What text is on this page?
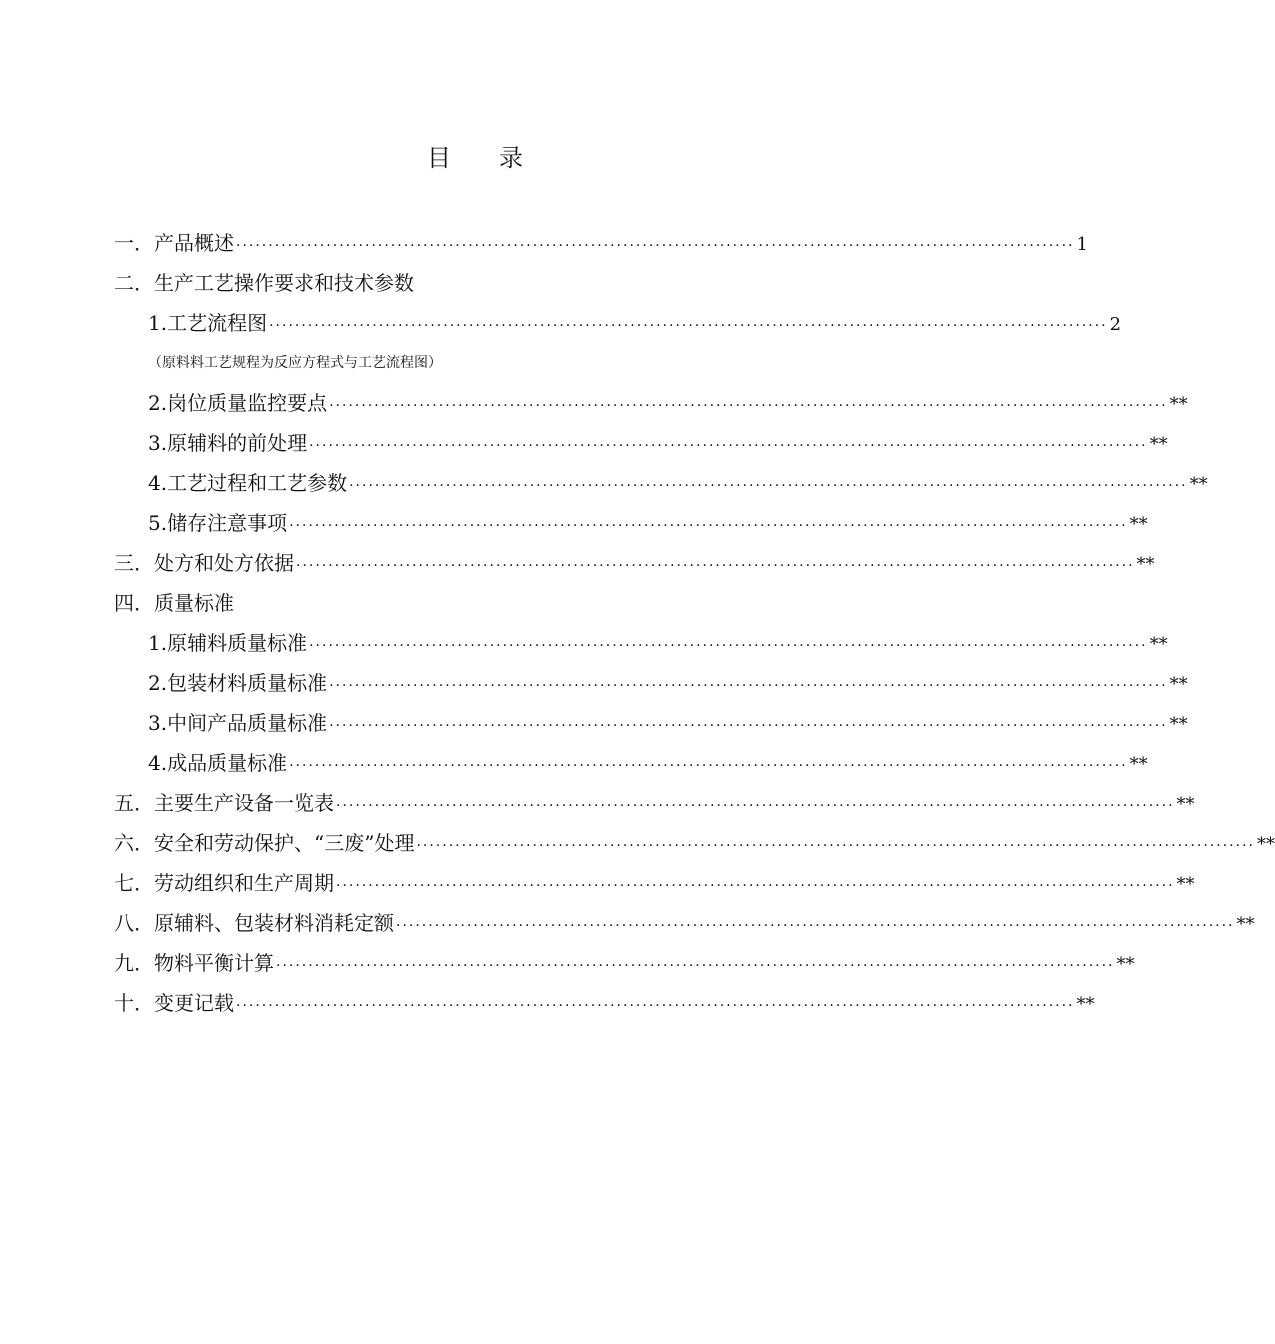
目　　录
一． 产品概述 ·································································································································· 1
二． 生产工艺操作要求和技术参数
1. 工艺流程图 ·································································································································· 2
（原料料工艺规程为反应方程式与工艺流程图）
2. 岗位质量监控要点 ·································································································································· **
3. 原辅料的前处理 ·································································································································· **
4. 工艺过程和工艺参数 ·································································································································· **
5. 储存注意事项 ·································································································································· **
三． 处方和处方依据 ·································································································································· **
四． 质量标准
1. 原辅料质量标准 ·································································································································· **
2. 包装材料质量标准 ·································································································································· **
3. 中间产品质量标准 ·································································································································· **
4. 成品质量标准 ·································································································································· **
五． 主要生产设备一览表 ·································································································································· **
六． 安全和劳动保护、“三废”处理 ·································································································································· **
七． 劳动组织和生产周期 ·································································································································· **
八． 原辅料、包装材料消耗定额 ·································································································································· **
九． 物料平衡计算 ·································································································································· **
十． 变更记载 ·································································································································· **
